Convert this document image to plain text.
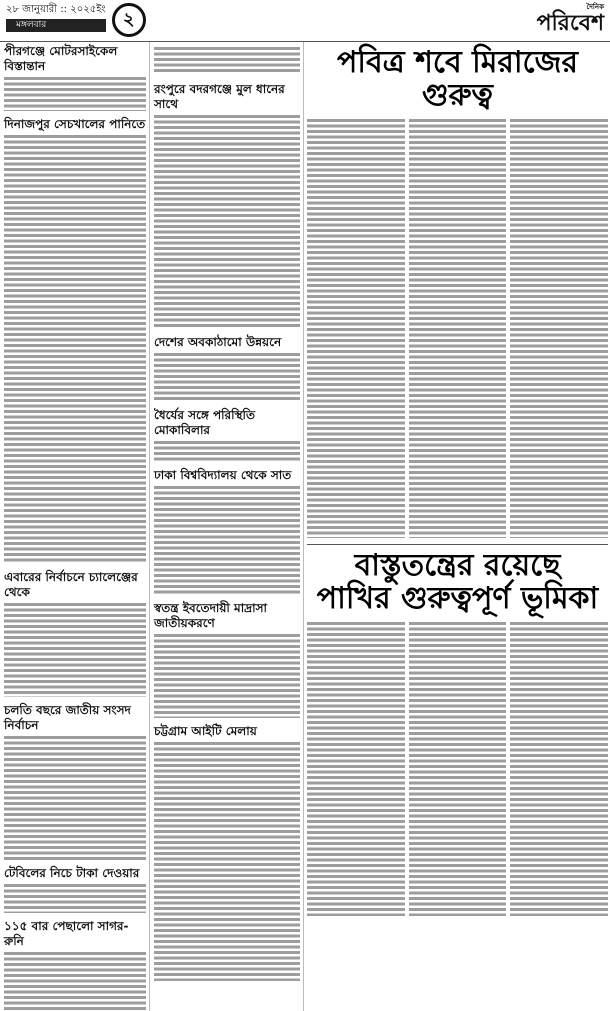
২৮ জানুয়ারী :: ২০২৫ইং
মঙ্গলবার	২
দৈনিক
পরিবেশ
পীরগঞ্জে মোটরসাইকেল বিস্তান্তান
দিনাজপুর সেচখালের পানিতে
এবারের নির্বাচনে চ্যালেঞ্জের থেকে
চলতি বছরে জাতীয় সংসদ নির্বাচন
টেবিলের নিচে টাকা দেওয়ার
১১৫ বার পেছালো সাগর-রুনি
রংপুরে বদরগঞ্জে মুল ধানের সাথে
দেশের অবকাঠামো উন্নয়নে
ধৈর্যের সঙ্গে পরিস্থিতি মোকাবিলার
ঢাকা বিশ্ববিদ্যালয় থেকে সাত
স্বতন্ত্র ইবতেদায়ী মাদ্রাসা জাতীয়করণে
চট্টগ্রাম আইটি মেলায়
পবিত্র শবে মিরাজের গুরুত্ব
বাস্তুতন্ত্রের রয়েছে
পাখির গুরুত্বপূর্ণ ভূমিকা
